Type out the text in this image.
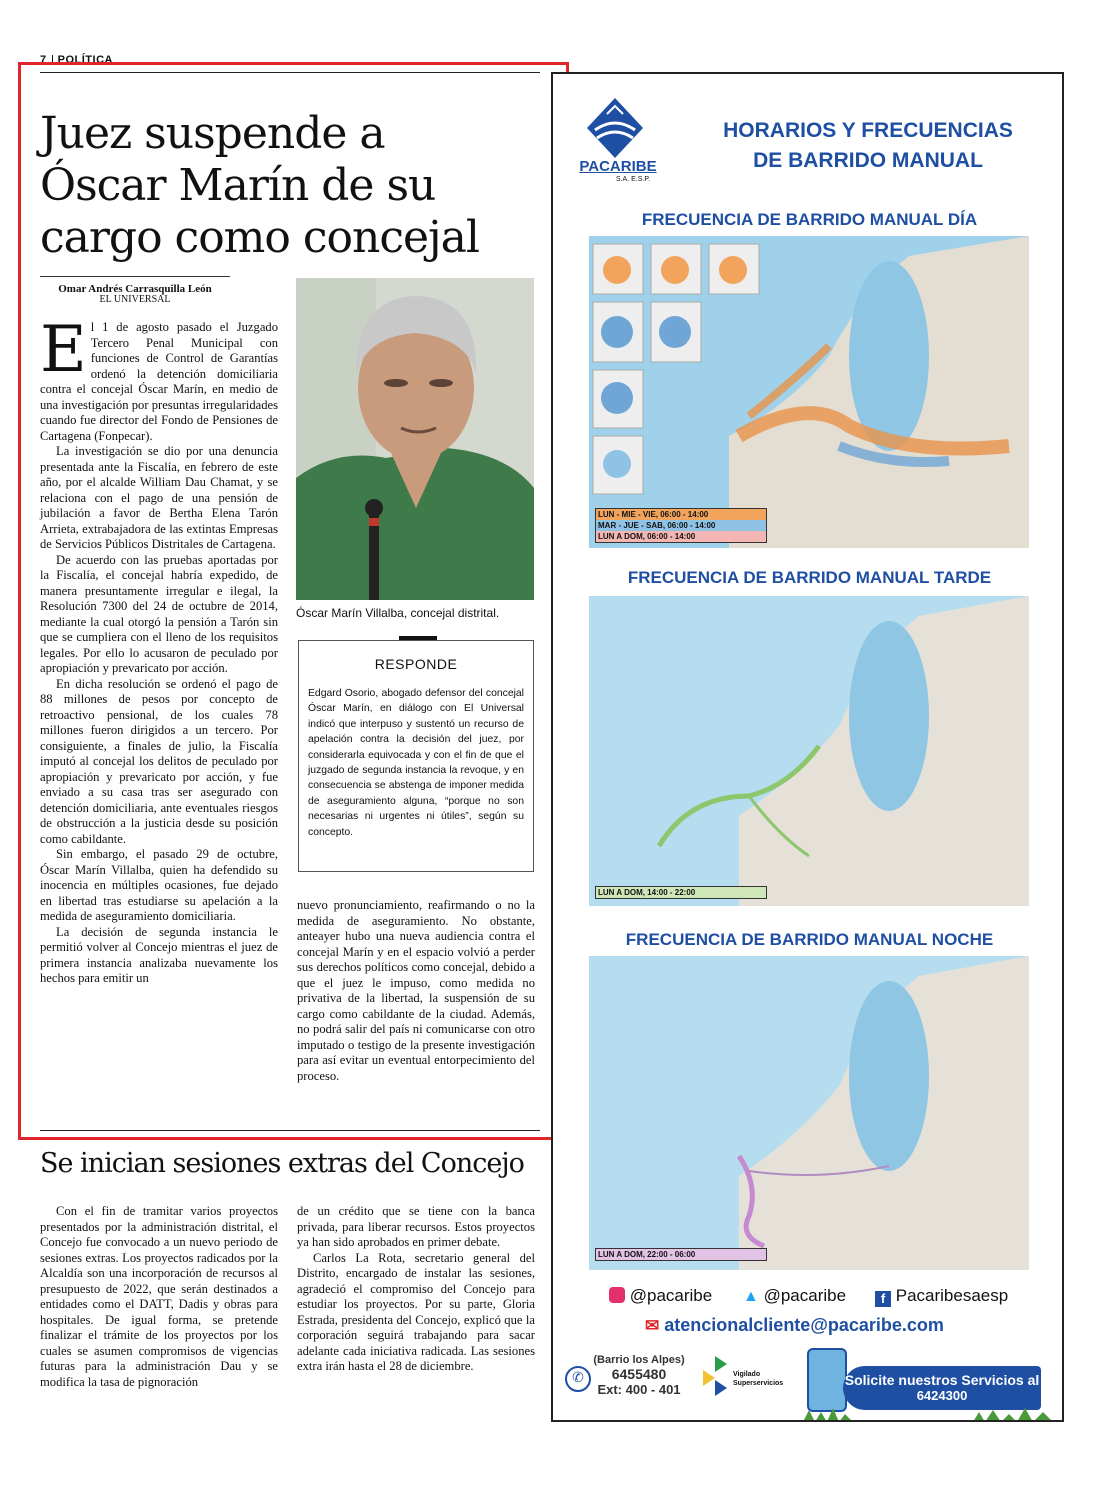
7 POLÍTICA
Juez suspende a
Óscar Marín de su
cargo como concejal
Omar Andrés Carrasquilla León
EL UNIVERSAL

El 1 de agosto pasado el Juzgado Tercero Penal Municipal con funciones de Control de Garantías ordenó la detención domiciliaria contra el concejal Óscar Marín, en medio de una investigación por presuntas irregularidades cuando fue director del Fondo de Pensiones de Cartagena (Fonpecar).

La investigación se dio por una denuncia presentada ante la Fiscalía, en febrero de este año, por el alcalde William Dau Chamat, y se relaciona con el pago de una pensión de jubilación a favor de Bertha Elena Tarón Arrieta, extrabajadora de las extintas Empresas de Servicios Públicos Distritales de Cartagena.

De acuerdo con las pruebas aportadas por la Fiscalía, el concejal habría expedido, de manera presuntamente irregular e ilegal, la Resolución 7300 del 24 de octubre de 2014, mediante la cual otorgó la pensión a Tarón sin que se cumpliera con el lleno de los requisitos legales. Por ello lo acusaron de peculado por apropiación y prevaricato por acción.

En dicha resolución se ordenó el pago de 88 millones de pesos por concepto de retroactivo pensional, de los cuales 78 millones fueron dirigidos a un tercero. Por consiguiente, a finales de julio, la Fiscalía imputó al concejal los delitos de peculado por apropiación y prevaricato por acción, y fue enviado a su casa tras ser asegurado con detención domiciliaria, ante eventuales riesgos de obstrucción a la justicia desde su posición como cabildante.

Sin embargo, el pasado 29 de octubre, Óscar Marín Villalba, quien ha defendido su inocencia en múltiples ocasiones, fue dejado en libertad tras estudiarse su apelación a la medida de aseguramiento domiciliaria.

La decisión de segunda instancia le permitió volver al Concejo mientras el juez de primera instancia analizaba nuevamente los hechos para emitir un

Óscar Marín Villalba, concejal distrital.
RESPONDE
Edgard Osorio, abogado defensor del concejal Óscar Marín, en diálogo con El Universal indicó que interpuso y sustentó un recurso de apelación contra la decisión del juez, por considerarla equivocada y con el fin de que el juzgado de segunda instancia la revoque, y en consecuencia se abstenga de imponer medida de aseguramiento alguna, “porque no son necesarias ni urgentes ni útiles”, según su concepto.

nuevo pronunciamiento, reafirmando o no la medida de aseguramiento. No obstante, anteayer hubo una nueva audiencia contra el concejal Marín y en el espacio volvió a perder sus derechos políticos como concejal, debido a que el juez le impuso, como medida no privativa de la libertad, la suspensión de su cargo como cabildante de la ciudad. Además, no podrá salir del país ni comunicarse con otro imputado o testigo de la presente investigación para así evitar un eventual entorpecimiento del proceso.

Se inician sesiones extras del Concejo

Con el fin de tramitar varios proyectos presentados por la administración distrital, el Concejo fue convocado a un nuevo periodo de sesiones extras. Los proyectos radicados por la Alcaldía son una incorporación de recursos al presupuesto de 2022, que serán destinados a entidades como el DATT, Dadis y obras para hospitales. De igual forma, se pretende finalizar el trámite de los proyectos por los cuales se asumen compromisos de vigencias futuras para la administración Dau y se modifica la tasa de pignoración

de un crédito que se tiene con la banca privada, para liberar recursos. Estos proyectos ya han sido aprobados en primer debate.

Carlos La Rota, secretario general del Distrito, encargado de instalar las sesiones, agradeció el compromiso del Concejo para estudiar los proyectos. Por su parte, Gloria Estrada, presidenta del Concejo, explicó que la corporación seguirá trabajando para sacar adelante cada iniciativa radicada. Las sesiones extra irán hasta el 28 de diciembre.

PACARIBE
S.A. E.S.P.
HORARIOS Y FRECUENCIAS
DE BARRIDO MANUAL
FRECUENCIA DE BARRIDO MANUAL DÍA
LUN - MIE - VIE, 06:00 - 14:00
MAR - JUE - SAB, 06:00 - 14:00
LUN A DOM, 06:00 - 14:00
FRECUENCIA DE BARRIDO MANUAL TARDE
LUN A DOM, 14:00 - 22:00
FRECUENCIA DE BARRIDO MANUAL NOCHE
LUN A DOM, 22:00 - 06:00
@pacaribe ▲ @pacaribe	f Pacaribesaesp
✉ atencionalcliente@pacaribe.com
✆
(Barrio los Alpes)
6455480
Ext: 400 - 401
Vigilado
Superservicios	Solicite nuestros Servicios al
6424300
